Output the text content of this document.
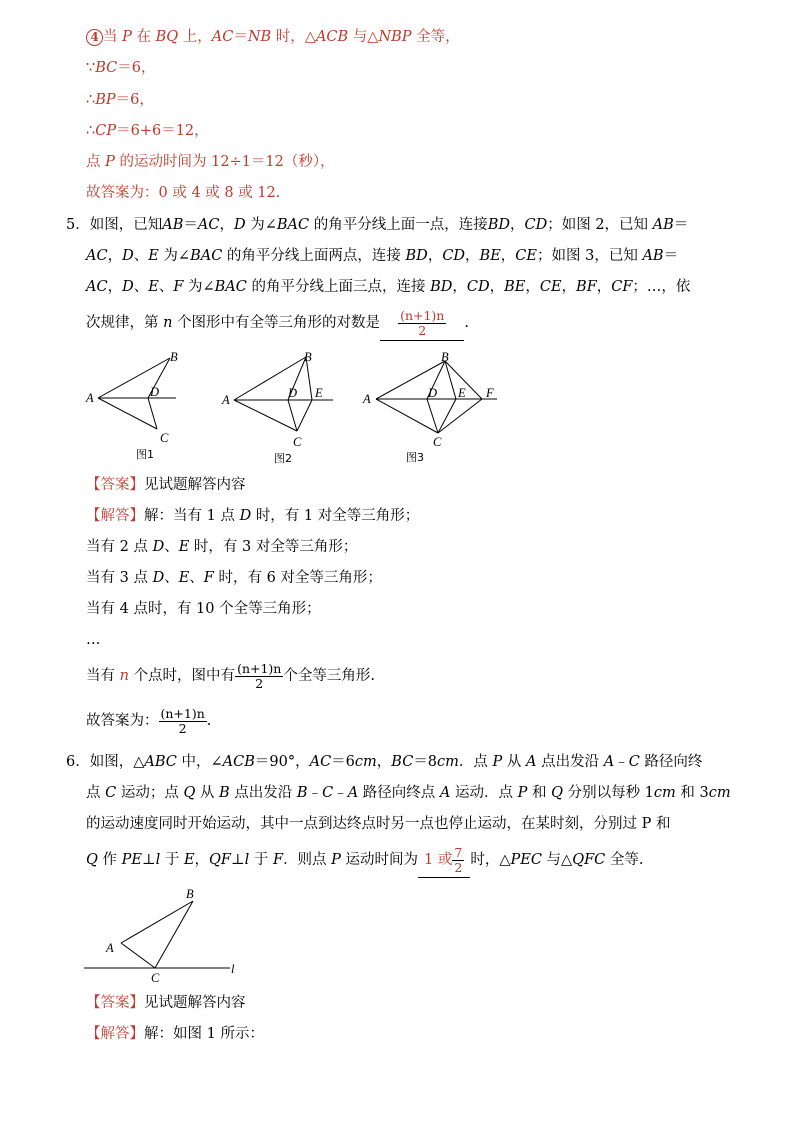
4 当 P 在 BQ 上，AC＝NB 时，△ACB 与△NBP 全等，
∵BC＝6，
∴BP＝6，
∴CP＝6+6＝12，
点 P 的运动时间为 12÷1＝12（秒），
故答案为：0 或 4 或 8 或 12.
5．如图，已知AB＝AC，D 为∠BAC 的角平分线上面一点，连接BD，CD；如图 2，已知 AB＝
AC，D、E 为∠BAC 的角平分线上面两点，连接 BD，CD，BE，CE；如图 3，已知 AB＝
AC，D、E、F 为∠BAC 的角平分线上面三点，连接 BD，CD，BE，CE，BF，CF；…，依
次规律，第 n 个图形中有全等三角形的对数是 $\frac{(n+1)n}{2}$ .
A
B
D
C
图1
A
B
D E
C
图2
A
B
D E F
C
图3
【答案】见试题解答内容
【解答】解：当有 1 点 D 时，有 1 对全等三角形；
当有 2 点 D、E 时，有 3 对全等三角形；
当有 3 点 D、E、F 时，有 6 对全等三角形；
当有 4 点时，有 10 个全等三角形；
…
当有 n 个点时，图中有 $\frac{(n+1)n}{2}$ 个全等三角形.
故答案为： $\frac{(n+1)n}{2}$ .
6．如图，△ABC 中，∠ACB＝90°，AC＝6cm，BC＝8cm．点 P 从 A 点出发沿 A﹣C 路径向终
点 C 运动；点 Q 从 B 点出发沿 B﹣C﹣A 路径向终点 A 运动．点 P 和 Q 分别以每秒 1cm 和 3cm
的运动速度同时开始运动，其中一点到达终点时另一点也停止运动，在某时刻，分别过 P 和
Q 作 PE⊥l 于 E，QF⊥l 于 F．则点 P 运动时间为 1 或 $\frac{7}{2}$ 时，△PEC 与△QFC 全等.
B
A
C
l
【答案】见试题解答内容
【解答】解：如图 1 所示：
